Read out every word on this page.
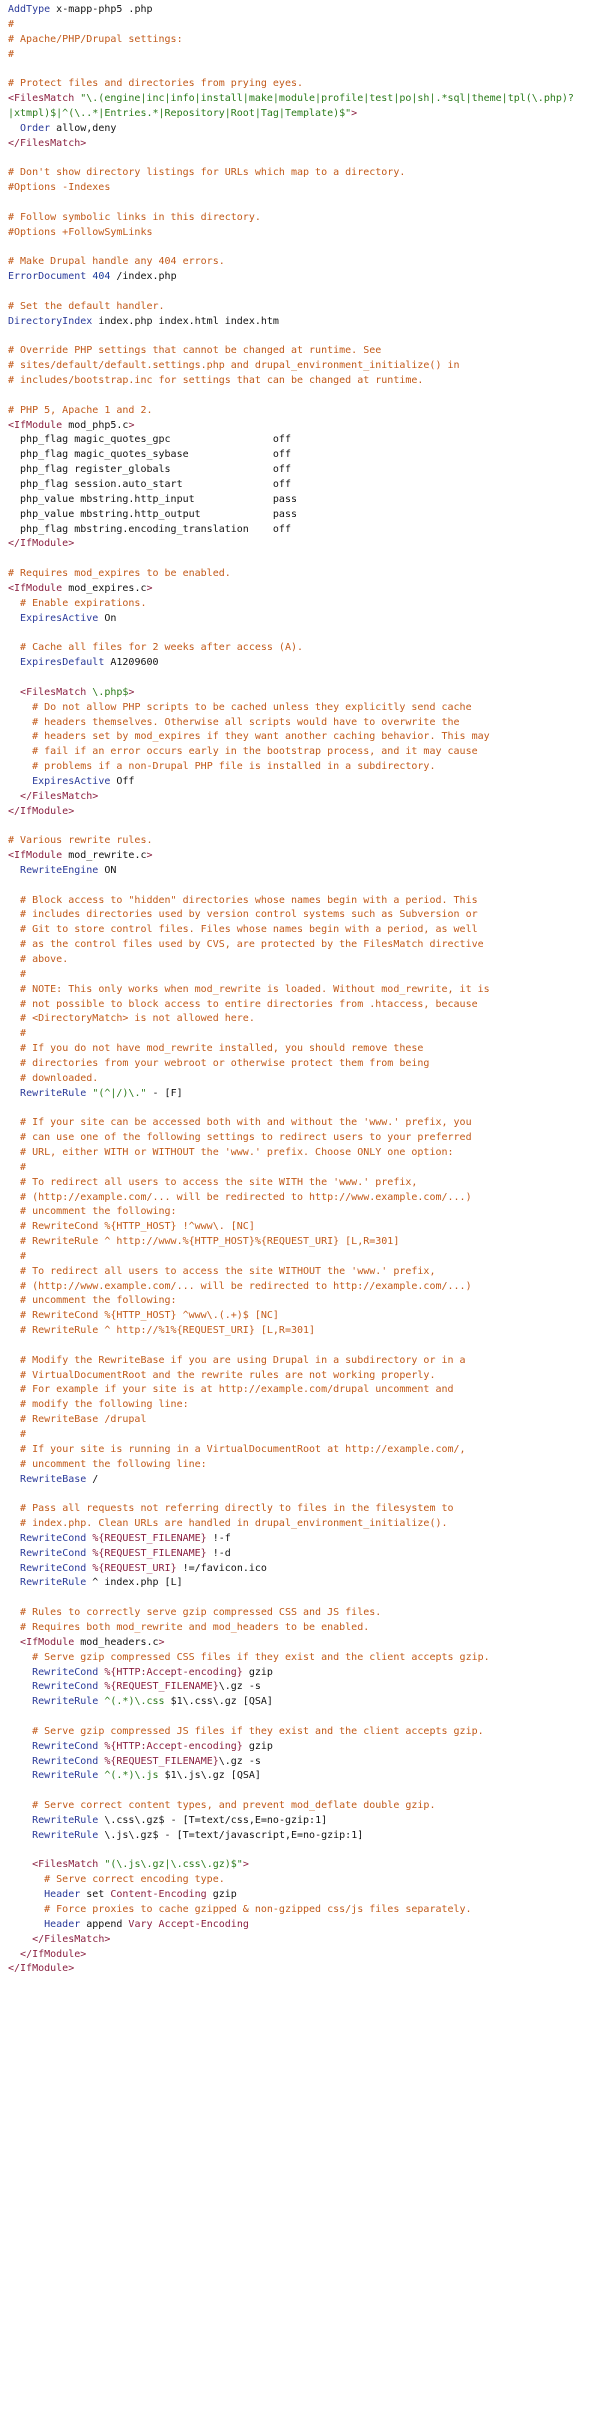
AddType x-mapp-php5 .php
#
# Apache/PHP/Drupal settings:
#
# Protect files and directories from prying eyes.
<FilesMatch "\.(engine|inc|info|install|make|module|profile|test|po|sh|.*sql|theme|tpl(\.php)?
|xtmpl)$|^(\..*|Entries.*|Repository|Root|Tag|Template)$">
Order allow,deny
</FilesMatch>
# Don't show directory listings for URLs which map to a directory.
#Options -Indexes
# Follow symbolic links in this directory.
#Options +FollowSymLinks
# Make Drupal handle any 404 errors.
ErrorDocument 404 /index.php
# Set the default handler.
DirectoryIndex index.php index.html index.htm
# Override PHP settings that cannot be changed at runtime. See
# sites/default/default.settings.php and drupal_environment_initialize() in
# includes/bootstrap.inc for settings that can be changed at runtime.
# PHP 5, Apache 1 and 2.
<IfModule mod_php5.c>
php_flag magic_quotes_gpc                 off
php_flag magic_quotes_sybase              off
php_flag register_globals                 off
php_flag session.auto_start               off
php_value mbstring.http_input             pass
php_value mbstring.http_output            pass
php_flag mbstring.encoding_translation    off
</IfModule>
# Requires mod_expires to be enabled.
<IfModule mod_expires.c>
# Enable expirations.
ExpiresActive On
# Cache all files for 2 weeks after access (A).
ExpiresDefault A1209600
<FilesMatch \.php$>
# Do not allow PHP scripts to be cached unless they explicitly send cache
# headers themselves. Otherwise all scripts would have to overwrite the
# headers set by mod_expires if they want another caching behavior. This may
# fail if an error occurs early in the bootstrap process, and it may cause
# problems if a non-Drupal PHP file is installed in a subdirectory.
ExpiresActive Off
</FilesMatch>
</IfModule>
# Various rewrite rules.
<IfModule mod_rewrite.c>
RewriteEngine ON
# Block access to "hidden" directories whose names begin with a period. This
# includes directories used by version control systems such as Subversion or
# Git to store control files. Files whose names begin with a period, as well
# as the control files used by CVS, are protected by the FilesMatch directive
# above.
#
# NOTE: This only works when mod_rewrite is loaded. Without mod_rewrite, it is
# not possible to block access to entire directories from .htaccess, because
# <DirectoryMatch> is not allowed here.
#
# If you do not have mod_rewrite installed, you should remove these
# directories from your webroot or otherwise protect them from being
# downloaded.
RewriteRule "(^|/)\." - [F]
# If your site can be accessed both with and without the 'www.' prefix, you
# can use one of the following settings to redirect users to your preferred
# URL, either WITH or WITHOUT the 'www.' prefix. Choose ONLY one option:
#
# To redirect all users to access the site WITH the 'www.' prefix,
# (http://example.com/... will be redirected to http://www.example.com/...)
# uncomment the following:
# RewriteCond %{HTTP_HOST} !^www\. [NC]
# RewriteRule ^ http://www.%{HTTP_HOST}%{REQUEST_URI} [L,R=301]
#
# To redirect all users to access the site WITHOUT the 'www.' prefix,
# (http://www.example.com/... will be redirected to http://example.com/...)
# uncomment the following:
# RewriteCond %{HTTP_HOST} ^www\.(.+)$ [NC]
# RewriteRule ^ http://%1%{REQUEST_URI} [L,R=301]
# Modify the RewriteBase if you are using Drupal in a subdirectory or in a
# VirtualDocumentRoot and the rewrite rules are not working properly.
# For example if your site is at http://example.com/drupal uncomment and
# modify the following line:
# RewriteBase /drupal
#
# If your site is running in a VirtualDocumentRoot at http://example.com/,
# uncomment the following line:
RewriteBase /
# Pass all requests not referring directly to files in the filesystem to
# index.php. Clean URLs are handled in drupal_environment_initialize().
RewriteCond %{REQUEST_FILENAME} !-f
RewriteCond %{REQUEST_FILENAME} !-d
RewriteCond %{REQUEST_URI} !=/favicon.ico
RewriteRule ^ index.php [L]
# Rules to correctly serve gzip compressed CSS and JS files.
# Requires both mod_rewrite and mod_headers to be enabled.
<IfModule mod_headers.c>
# Serve gzip compressed CSS files if they exist and the client accepts gzip.
RewriteCond %{HTTP:Accept-encoding} gzip
RewriteCond %{REQUEST_FILENAME}\.gz -s
RewriteRule ^(.*)\.css $1\.css\.gz [QSA]
# Serve gzip compressed JS files if they exist and the client accepts gzip.
RewriteCond %{HTTP:Accept-encoding} gzip
RewriteCond %{REQUEST_FILENAME}\.gz -s
RewriteRule ^(.*)\.js $1\.js\.gz [QSA]
# Serve correct content types, and prevent mod_deflate double gzip.
RewriteRule \.css\.gz$ - [T=text/css,E=no-gzip:1]
RewriteRule \.js\.gz$ - [T=text/javascript,E=no-gzip:1]
<FilesMatch "(\.js\.gz|\.css\.gz)$">
# Serve correct encoding type.
Header set Content-Encoding gzip
# Force proxies to cache gzipped & non-gzipped css/js files separately.
Header append Vary Accept-Encoding
</FilesMatch>
</IfModule>
</IfModule>
